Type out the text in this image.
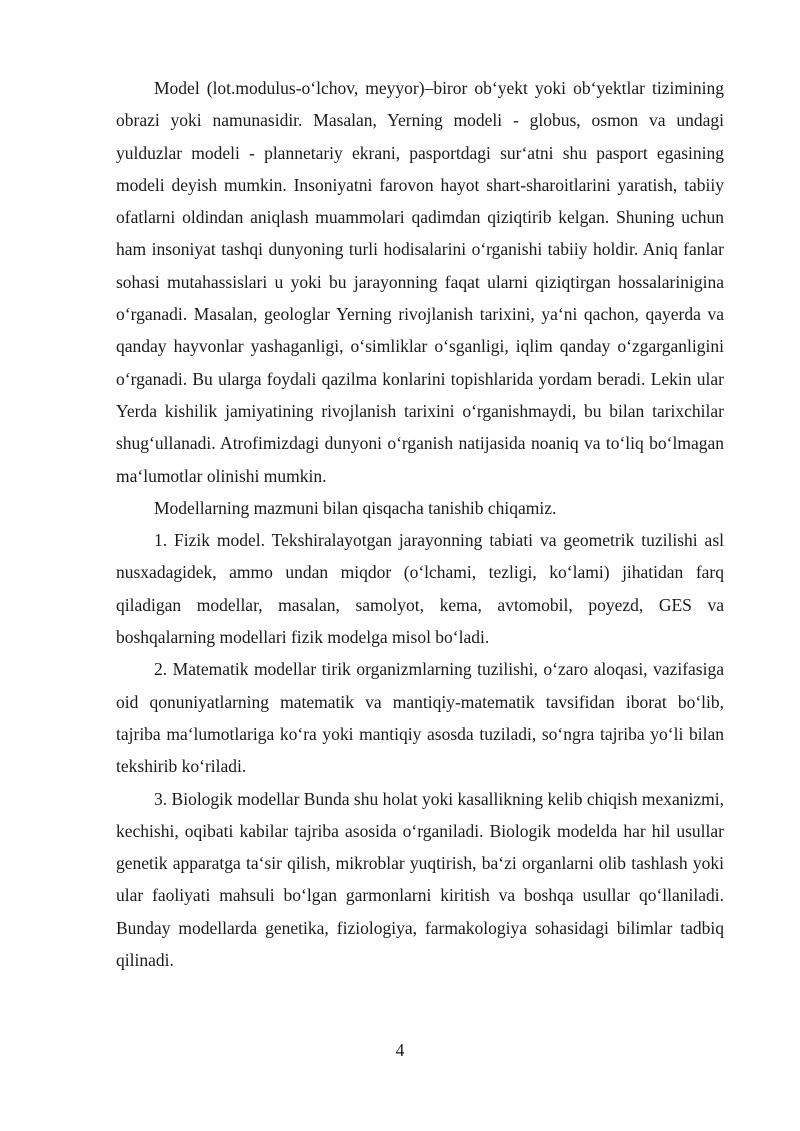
Model (lot.modulus-o‘lchov, meyyor)–biror ob‘yekt yoki ob‘yektlar tizimining obrazi yoki namunasidir. Masalan, Yerning modeli - globus, osmon va undagi yulduzlar modeli - plannetariy ekrani, pasportdagi sur‘atni shu pasport egasining modeli deyish mumkin. Insoniyatni farovon hayot shart-sharoitlarini yaratish, tabiiy ofatlarni oldindan aniqlash muammolari qadimdan qiziqtirib kelgan. Shuning uchun ham insoniyat tashqi dunyoning turli hodisalarini o‘rganishi tabiiy holdir. Aniq fanlar sohasi mutahassislari u yoki bu jarayonning faqat ularni qiziqtirgan hossalarinigina o‘rganadi. Masalan, geologlar Yerning rivojlanish tarixini, ya‘ni qachon, qayerda va qanday hayvonlar yashaganligi, o‘simliklar o‘sganligi, iqlim qanday o‘zgarganligini o‘rganadi. Bu ularga foydali qazilma konlarini topishlarida yordam beradi. Lekin ular Yerda kishilik jamiyatining rivojlanish tarixini o‘rganishmaydi, bu bilan tarixchilar shug‘ullanadi. Atrofimizdagi dunyoni o‘rganish natijasida noaniq va to‘liq bo‘lmagan ma‘lumotlar olinishi mumkin.

Modellarning mazmuni bilan qisqacha tanishib chiqamiz.

1. Fizik model. Tekshiralayotgan jarayonning tabiati va geometrik tuzilishi asl nusxadagidek, ammo undan miqdor (o‘lchami, tezligi, ko‘lami) jihatidan farq qiladigan modellar, masalan, samolyot, kema, avtomobil, poyezd, GES va boshqalarning modellari fizik modelga misol bo‘ladi.

2. Matematik modellar tirik organizmlarning tuzilishi, o‘zaro aloqasi, vazifasiga oid qonuniyatlarning matematik va mantiqiy-matematik tavsifidan iborat bo‘lib, tajriba ma‘lumotlariga ko‘ra yoki mantiqiy asosda tuziladi, so‘ngra tajriba yo‘li bilan tekshirib ko‘riladi.

3. Biologik modellar Bunda shu holat yoki kasallikning kelib chiqish mexanizmi, kechishi, oqibati kabilar tajriba asosida o‘rganiladi. Biologik modelda har hil usullar genetik apparatga ta‘sir qilish, mikroblar yuqtirish, ba‘zi organlarni olib tashlash yoki ular faoliyati mahsuli bo‘lgan garmonlarni kiritish va boshqa usullar qo‘llaniladi. Bunday modellarda genetika, fiziologiya, farmakologiya sohasidagi bilimlar tadbiq qilinadi.

4
